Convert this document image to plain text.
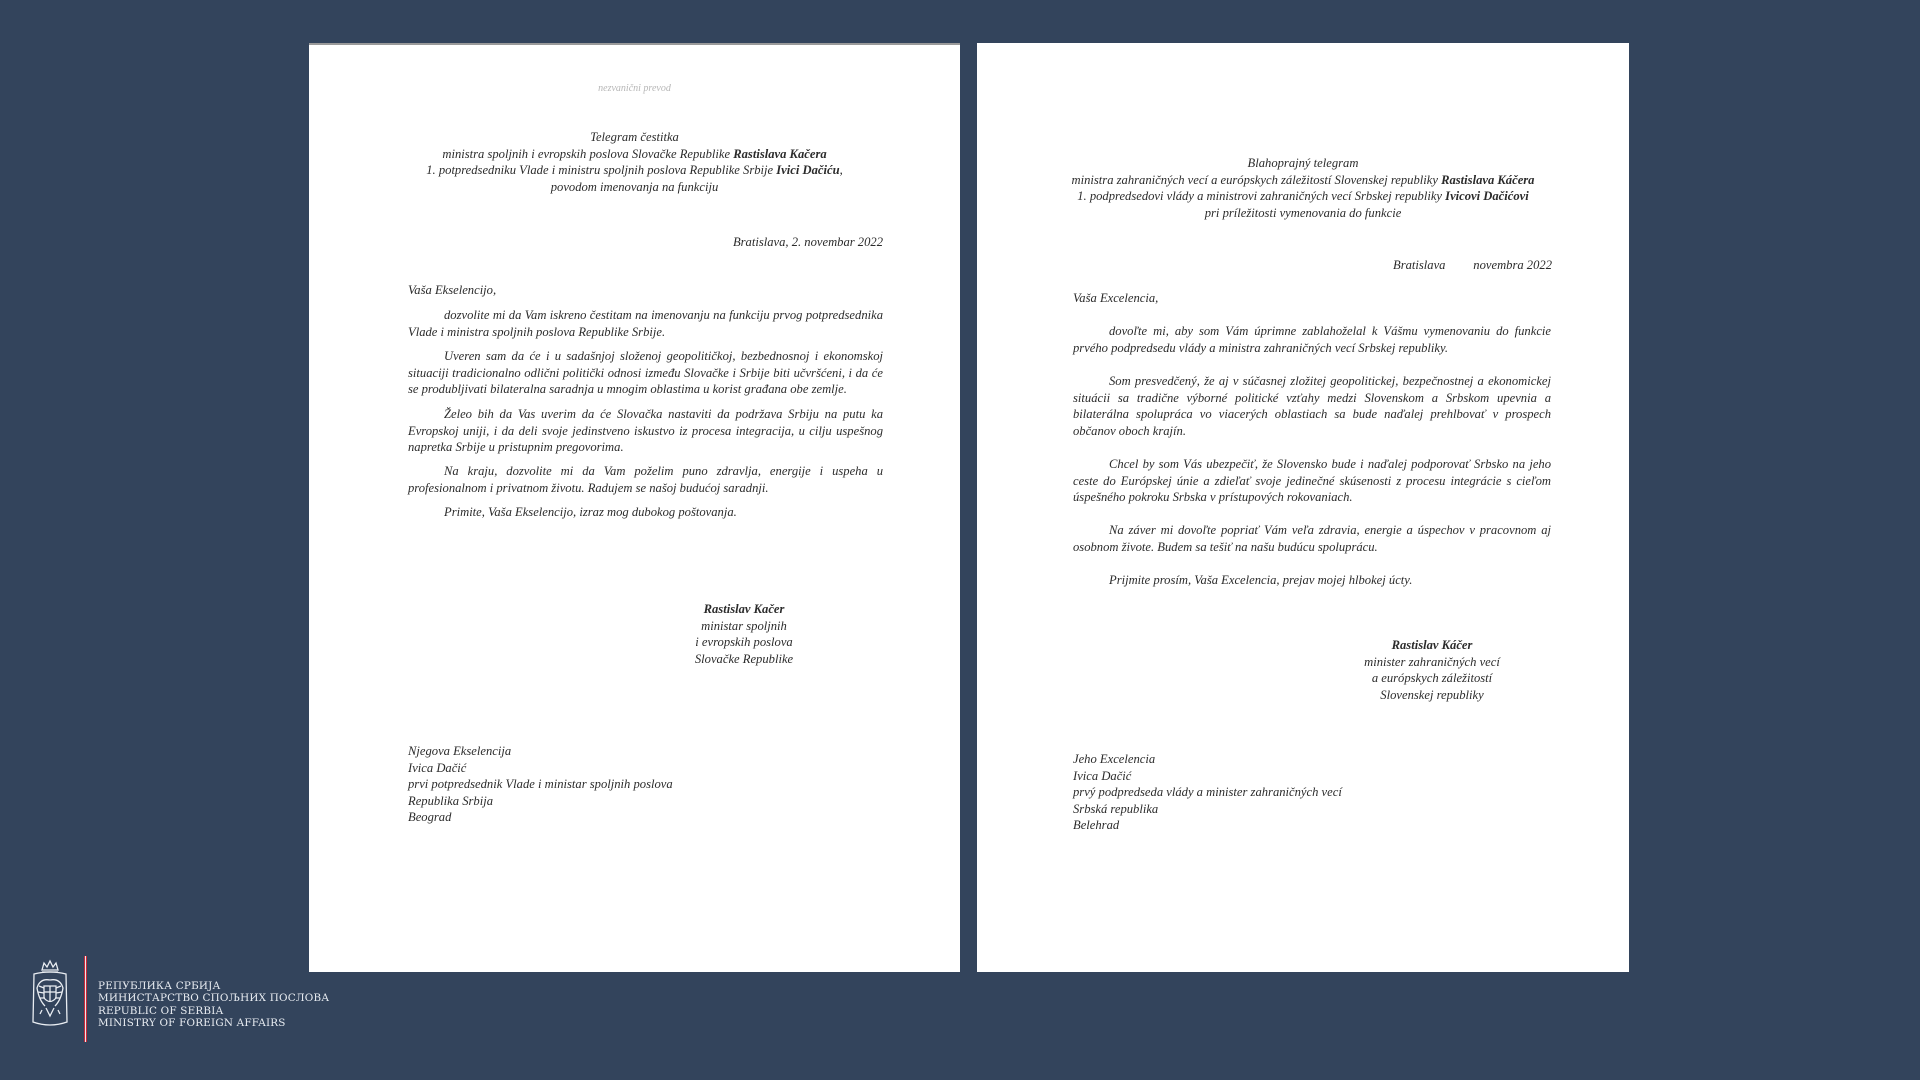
nezvanični prevod
Telegram čestitka
ministra spoljnih i evropskih poslova Slovačke Republike Rastislava Kačera
1. potpredsedniku Vlade i ministru spoljnih poslova Republike Srbije Ivici Dačiću,
povodom imenovanja na funkciju
Bratislava, 2. novembar 2022
Vaša Ekselencijo,
dozvolite mi da Vam iskreno čestitam na imenovanju na funkciju prvog potpredsednika Vlade i ministra spoljnih poslova Republike Srbije.
Uveren sam da će i u sadašnjoj složenoj geopolitičkoj, bezbednosnoj i ekonomskoj situaciji tradicionalno odlični politički odnosi između Slovačke i Srbije biti učvršćeni, i da će se produbljivati bilateralna saradnja u mnogim oblastima u korist građana obe zemlje.
Želeo bih da Vas uverim da će Slovačka nastaviti da podržava Srbiju na putu ka Evropskoj uniji, i da deli svoje jedinstveno iskustvo iz procesa integracija, u cilju uspešnog napretka Srbije u pristupnim pregovorima.
Na kraju, dozvolite mi da Vam poželim puno zdravlja, energije i uspeha u profesionalnom i privatnom životu. Radujem se našoj budućoj saradnji.
Primite, Vaša Ekselencijo, izraz mog dubokog poštovanja.
Rastislav Kačer
ministar spoljnih
i evropskih poslova
Slovačke Republike
Njegova Ekselencija
Ivica Dačić
prvi potpredsednik Vlade i ministar spoljnih poslova
Republika Srbija
Beograd
Blahoprajný telegram
ministra zahraničných vecí a európskych záležitostí Slovenskej republiky Rastislava Káčera
1. podpredsedovi vlády a ministrovi zahraničných vecí Srbskej republiky Ivicovi Dačićovi
pri príležitosti vymenovania do funkcie
Bratislava	novembra 2022
Vaša Excelencia,
dovoľte mi, aby som Vám úprimne zablahoželal k Vášmu vymenovaniu do funkcie prvého podpredsedu vlády a ministra zahraničných vecí Srbskej republiky.
Som presvedčený, že aj v súčasnej zložitej geopolitickej, bezpečnostnej a ekonomickej situácii sa tradične výborné politické vzťahy medzi Slovenskom a Srbskom upevnia a bilaterálna spolupráca vo viacerých oblastiach sa bude naďalej prehlbovať v prospech občanov oboch krajín.
Chcel by som Vás ubezpečiť, že Slovensko bude i naďalej podporovať Srbsko na jeho ceste do Európskej únie a zdieľať svoje jedinečné skúsenosti z procesu integrácie s cieľom úspešného pokroku Srbska v prístupových rokovaniach.
Na záver mi dovoľte popriať Vám veľa zdravia, energie a úspechov v pracovnom aj osobnom živote. Budem sa tešiť na našu budúcu spoluprácu.
Prijmite prosím, Vaša Excelencia, prejav mojej hlbokej úcty.
Rastislav Káčer
minister zahraničných vecí
a európskych záležitostí
Slovenskej republiky
Jeho Excelencia
Ivica Dačić
prvý podpredseda vlády a minister zahraničných vecí
Srbská republika
Belehrad
РЕПУБЛИКА СРБИЈА
МИНИСТАРСТВО СПОЉНИХ ПОСЛОВА
REPUBLIC OF SERBIA
MINISTRY OF FOREIGN AFFAIRS
